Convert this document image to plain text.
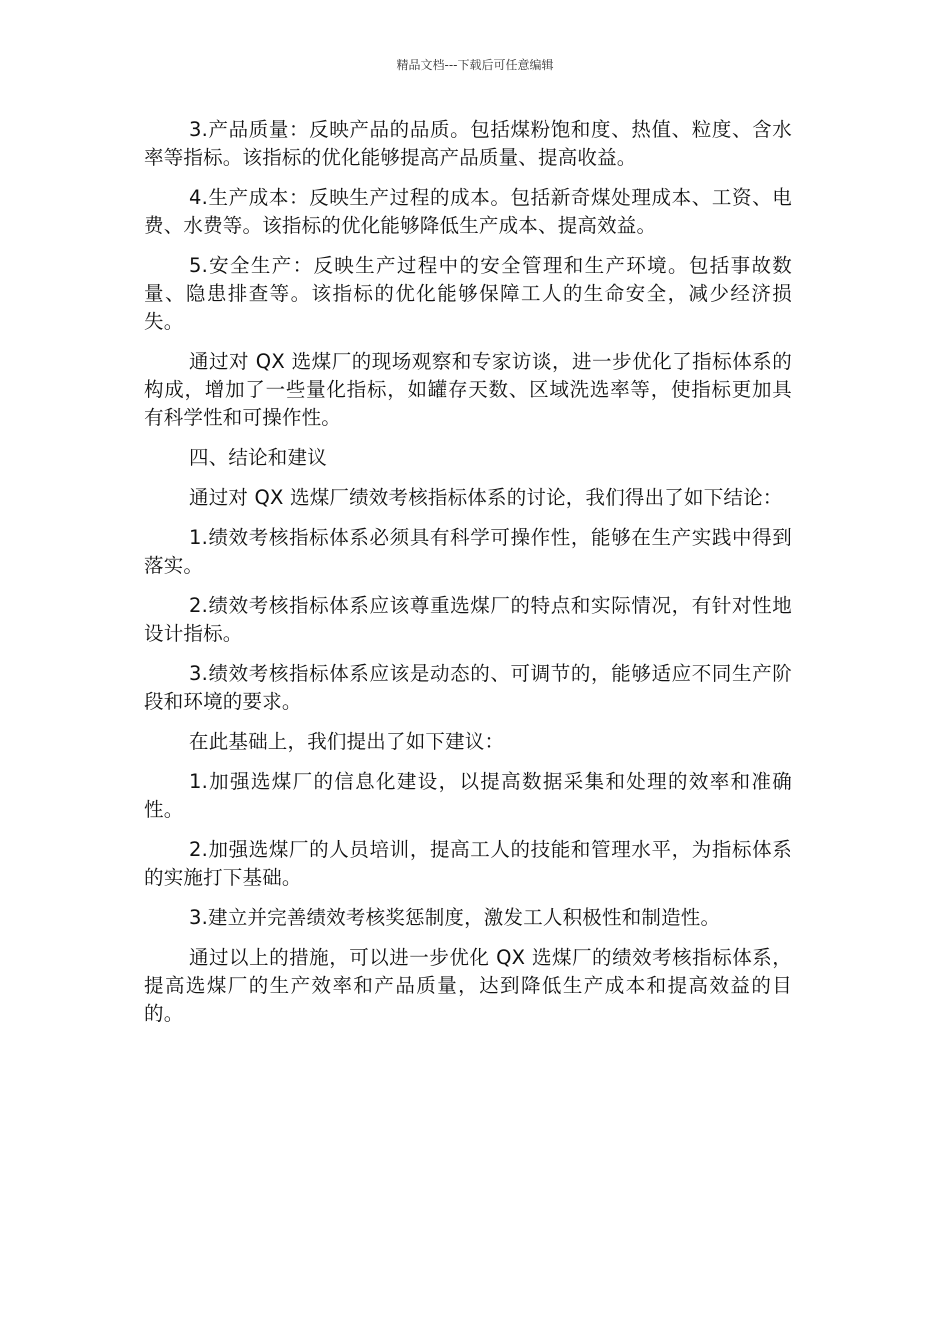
精品文档---下载后可任意编辑

3.产品质量：反映产品的品质。包括煤粉饱和度、热值、粒度、含水率等指标。该指标的优化能够提高产品质量、提高收益。

4.生产成本：反映生产过程的成本。包括新奇煤处理成本、工资、电费、水费等。该指标的优化能够降低生产成本、提高效益。

5.安全生产：反映生产过程中的安全管理和生产环境。包括事故数量、隐患排查等。该指标的优化能够保障工人的生命安全，减少经济损失。

通过对 QX 选煤厂的现场观察和专家访谈，进一步优化了指标体系的构成，增加了一些量化指标，如罐存天数、区域洗选率等，使指标更加具有科学性和可操作性。

四、结论和建议

通过对 QX 选煤厂绩效考核指标体系的讨论，我们得出了如下结论：

1.绩效考核指标体系必须具有科学可操作性，能够在生产实践中得到落实。

2.绩效考核指标体系应该尊重选煤厂的特点和实际情况，有针对性地设计指标。

3.绩效考核指标体系应该是动态的、可调节的，能够适应不同生产阶段和环境的要求。

在此基础上，我们提出了如下建议：

1.加强选煤厂的信息化建设，以提高数据采集和处理的效率和准确性。

2.加强选煤厂的人员培训，提高工人的技能和管理水平，为指标体系的实施打下基础。

3.建立并完善绩效考核奖惩制度，激发工人积极性和制造性。

通过以上的措施，可以进一步优化 QX 选煤厂的绩效考核指标体系，提高选煤厂的生产效率和产品质量，达到降低生产成本和提高效益的目的。
